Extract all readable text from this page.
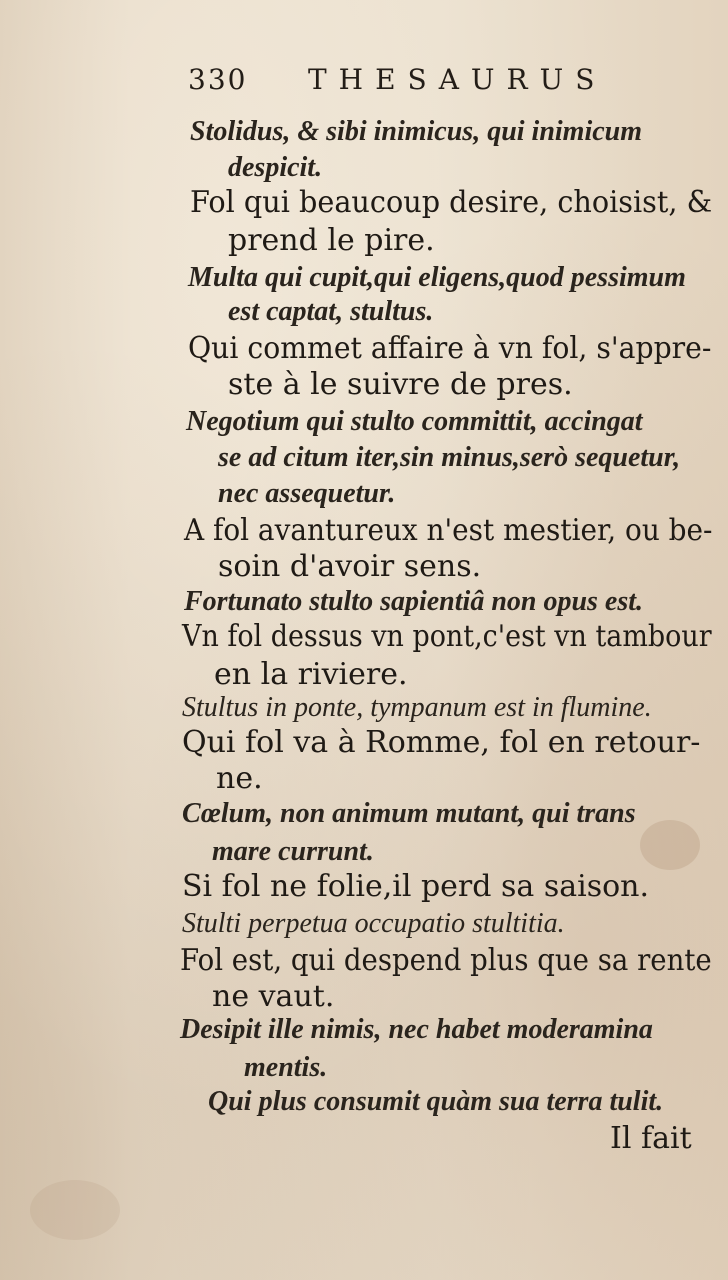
330 THESAURUS
Stolidus, & sibi inimicus, qui inimicum
despicit.
Fol qui beaucoup desire, choisist, &
prend le pire.
Multa qui cupit,qui eligens,quod pessimum
est captat, stultus.
Qui commet affaire à vn fol, s'appre-
ste à le suivre de pres.
Negotium qui stulto committit, accingat
se ad citum iter,sin minus,serò sequetur,
nec assequetur.
A fol avantureux n'est mestier, ou be-
soin d'avoir sens.
Fortunato stulto sapientiâ non opus est.
Vn fol dessus vn pont,c'est vn tambour
en la riviere.
Stultus in ponte, tympanum est in flumine.
Qui fol va à Romme, fol en retour-
ne.
Cœlum, non animum mutant, qui trans
mare currunt.
Si fol ne folie,il perd sa saison.
Stulti perpetua occupatio stultitia.
Fol est, qui despend plus que sa rente
ne vaut.
Desipit ille nimis, nec habet moderamina
mentis.
Qui plus consumit quàm sua terra tulit.
Il fait
